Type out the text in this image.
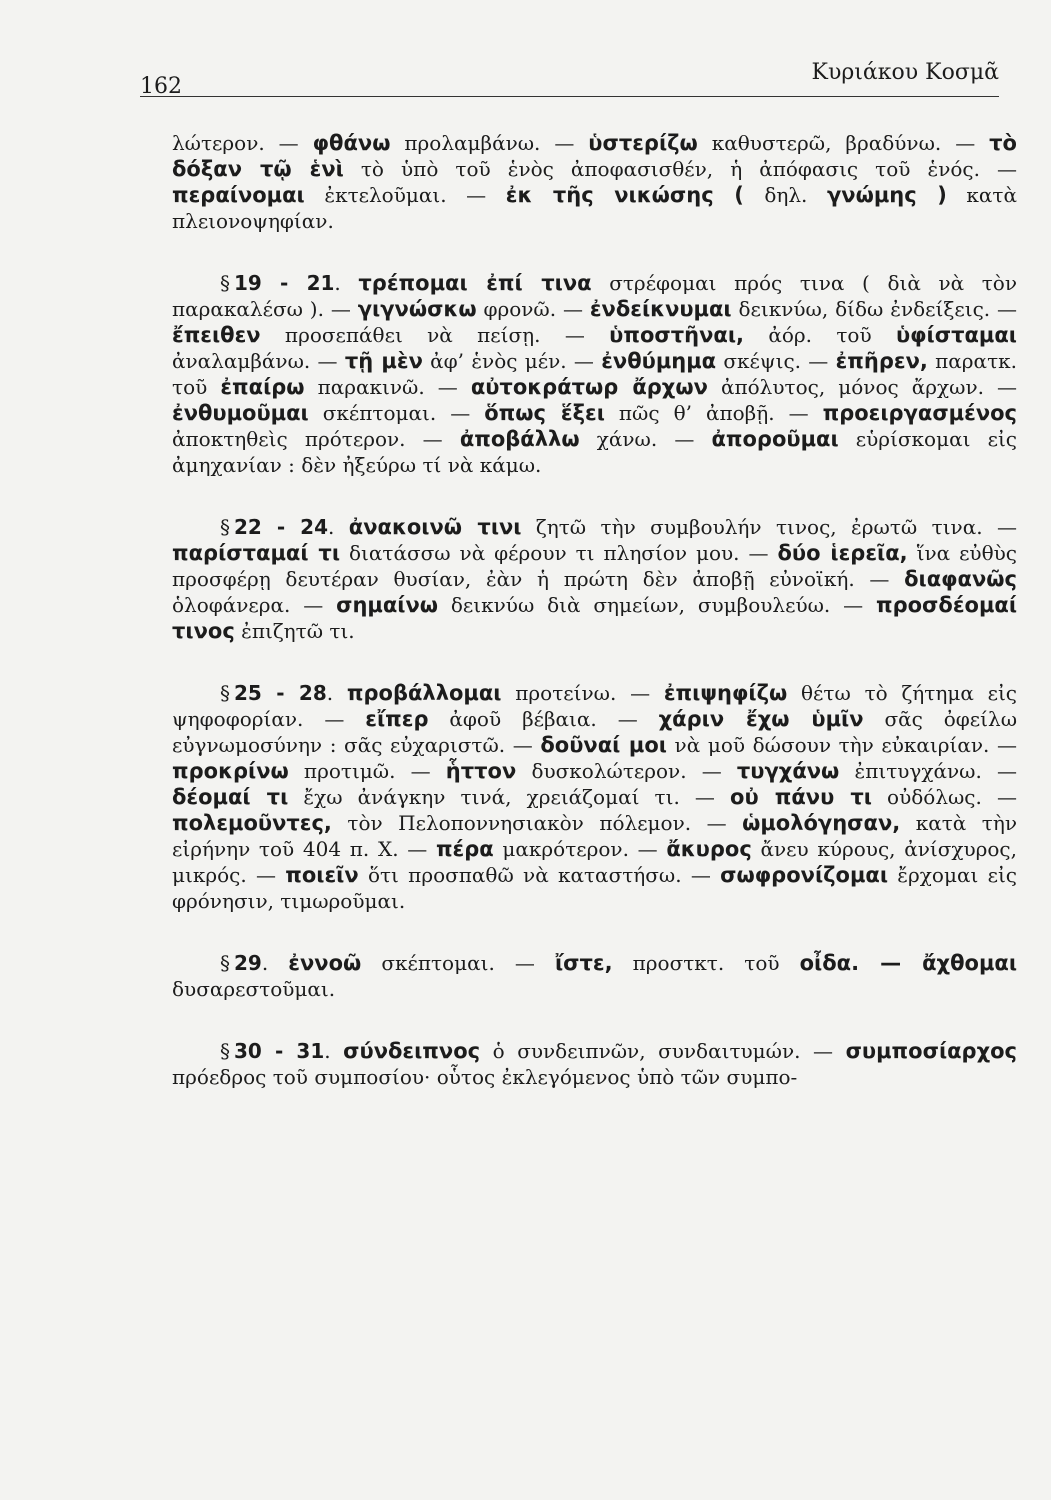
162
Κυριάκου Κοσμᾶ

λώτερον. — φθάνω προλαμβάνω. — ὑστερίζω καθυστερῶ, βραδύνω. — τὸ δόξαν τῷ ἑνὶ τὸ ὑπὸ τοῦ ἑνὸς ἀποφασισθέν, ἡ ἀπόφασις τοῦ ἑνός. — περαίνομαι ἐκτελοῦμαι. — ἐκ τῆς νικώσης ( δηλ. γνώμης ) κατὰ πλειονοψηφίαν.

§ 19 - 21. τρέπομαι ἐπί τινα στρέφομαι πρός τινα ( διὰ νὰ τὸν παρακαλέσω ). — γιγνώσκω φρονῶ. — ἐνδείκνυμαι δεικνύω, δίδω ἐνδείξεις. — ἔπειθεν προσεπάθει νὰ πείσῃ. — ὑποστῆναι, ἀόρ. τοῦ ὑφίσταμαι ἀναλαμβάνω. — τῇ μὲν ἀφ’ ἑνὸς μέν. — ἐνθύμημα σκέψις. — ἐπῆρεν, παρατκ. τοῦ ἐπαίρω παρακινῶ. — αὐτοκράτωρ ἄρχων ἀπόλυτος, μόνος ἄρχων. — ἐνθυμοῦμαι σκέπτομαι. — ὅπως ἕξει πῶς θ’ ἀποβῇ. — προειργασμένος ἀποκτηθεὶς πρότερον. — ἀποβάλλω χάνω. — ἀποροῦμαι εὑρίσκομαι εἰς ἀμηχανίαν : δὲν ἠξεύρω τί νὰ κάμω.

§ 22 - 24. ἀνακοινῶ τινι ζητῶ τὴν συμβουλήν τινος, ἐρωτῶ τινα. — παρίσταμαί τι διατάσσω νὰ φέρουν τι πλησίον μου. — δύο ἱερεῖα, ἵνα εὐθὺς προσφέρῃ δευτέραν θυσίαν, ἐὰν ἡ πρώτη δὲν ἀποβῇ εὐνοϊκή. — διαφανῶς ὁλοφάνερα. — σημαίνω δεικνύω διὰ σημείων, συμβουλεύω. — προσδέομαί τινος ἐπιζητῶ τι.

§ 25 - 28. προβάλλομαι προτείνω. — ἐπιψηφίζω θέτω τὸ ζήτημα εἰς ψηφοφορίαν. — εἴπερ ἀφοῦ βέβαια. — χάριν ἔχω ὑμῖν σᾶς ὀφείλω εὐγνωμοσύνην : σᾶς εὐχαριστῶ. — δοῦναί μοι νὰ μοῦ δώσουν τὴν εὐκαιρίαν. — προκρίνω προτιμῶ. — ἧττον δυσκολώτερον. — τυγχάνω ἐπιτυγχάνω. — δέομαί τι ἔχω ἀνάγκην τινά, χρειάζομαί τι. — οὐ πάνυ τι οὐδόλως. — πολεμοῦντες, τὸν Πελοποννησιακὸν πόλεμον. — ὡμολόγησαν, κατὰ τὴν εἰρήνην τοῦ 404 π. Χ. — πέρα μακρότερον. — ἄκυρος ἄνευ κύρους, ἀνίσχυρος, μικρός. — ποιεῖν ὅτι προσπαθῶ νὰ καταστήσω. — σωφρονίζομαι ἔρχομαι εἰς φρόνησιν, τιμωροῦμαι.

§ 29. ἐννοῶ σκέπτομαι. — ἴστε, προστκτ. τοῦ οἶδα. — ἄχθομαι δυσαρεστοῦμαι.

§ 30 - 31. σύνδειπνος ὁ συνδειπνῶν, συνδαιτυμών. — συμποσίαρχος πρόεδρος τοῦ συμποσίου· οὗτος ἐκλεγόμενος ὑπὸ τῶν συμπο-
